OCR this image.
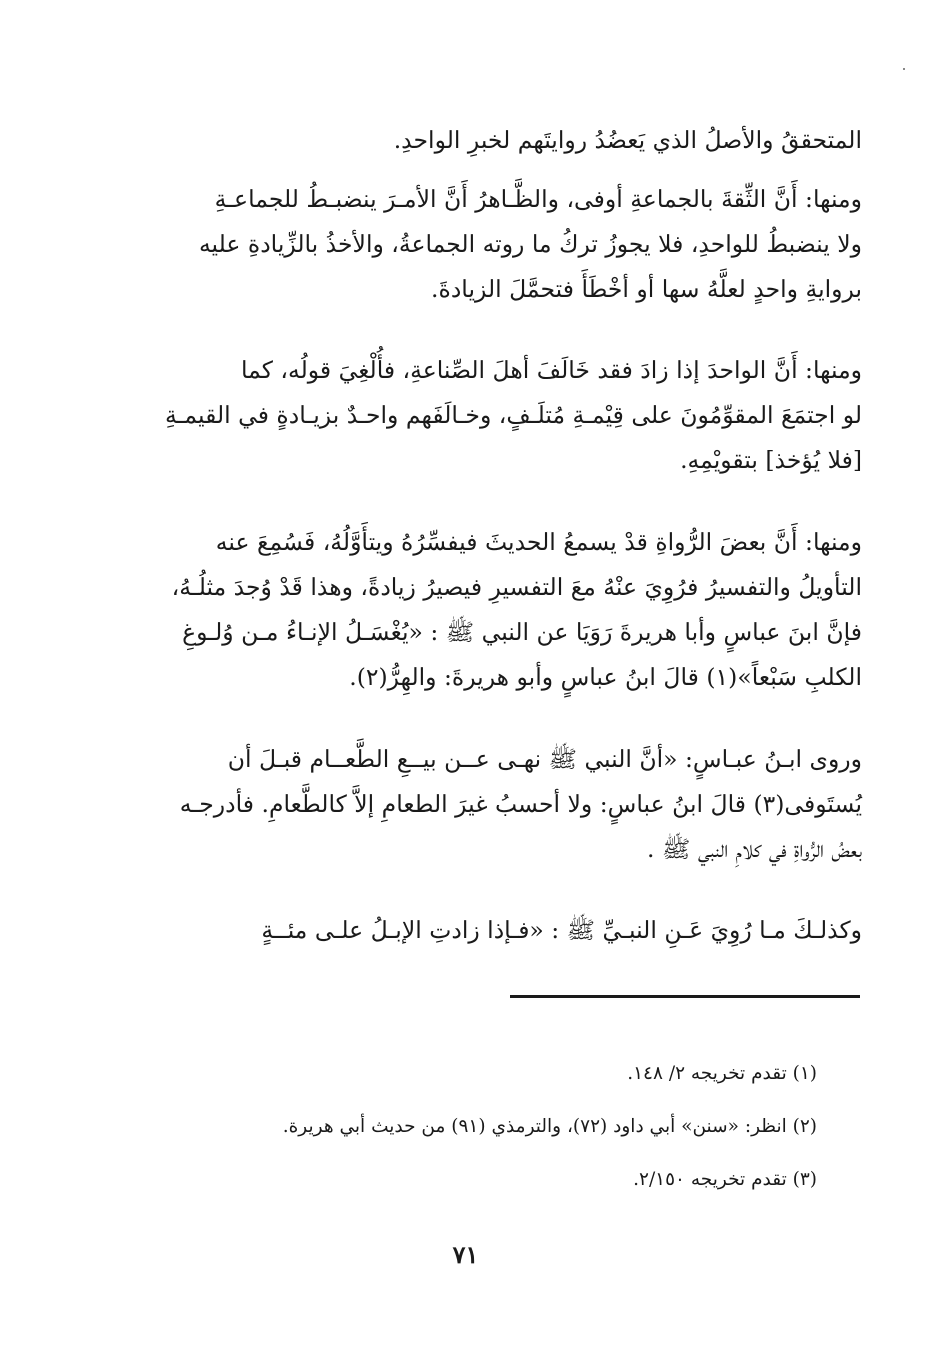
المتحققُ والأصلُ الذي يَعضُدُ روايتَهم لخبرِ الواحدِ.
ومنها: أَنَّ الثِّقةَ بالجماعةِ أوفى، والظَّـاهرُ أَنَّ الأمـرَ ينضبـطُ للجماعـةِ
ولا ينضبطُ للواحدِ، فلا يجوزُ تركُ ما روته الجماعةُ، والأخذُ بالزِّيادةِ عليه
بروايةِ واحدٍ لعلَّهُ سها أو أخْطَأَ فتحمَّلَ الزيادةَ.
ومنها: أَنَّ الواحدَ إذا زادَ فقد خَالَفَ أهلَ الصِّناعةِ، فأُلْغِيَ قولُه، كما
لو اجتمَعَ المقوِّمُونَ على قِيْمـةِ مُتلَـفٍ، وخـالَفَهم واحـدٌ بزيـادةٍ في القيمـةِ
[فلا يُؤخذ] بتقويْمِهِ.
ومنها: أَنَّ بعضَ الرُّواةِ قدْ يسمعُ الحديثَ فيفسِّرُهُ ويتأَوَّلُهُ، فَسُمِعَ عنه
التأويلُ والتفسيرُ فرُوِيَ عنْهُ معَ التفسيرِ فيصيرُ زيادةً، وهذا قَدْ وُجدَ مثلُـهُ،
فإنَّ ابنَ عباسٍ وأبا هريرةَ رَوَيَا عن النبي ﷺ : «يُغْسَـلُ الإنـاءُ مـن وُلـوغِ
الكلبِ سَبْعاً»(١) قالَ ابنُ عباسٍ وأبو هريرةَ: والهِرُّ(٢).
وروى ابـنُ عبـاسٍ: «أنَّ النبي ﷺ نهـى عــن بيــعِ الطَّعــام قبـلَ أن
يُستَوفى(٣) قالَ ابنُ عباسٍ: ولا أحسبُ غيرَ الطعامِ إلاَّ كالطَّعامِ. فأدرجـه
بعضُ الرُّواةِ في كلامِ النبي ﷺ .
وكذلـكَ مـا رُوِيَ عَـنِ النبـيِّ ﷺ : «فـإذا زادتِ الإبـلُ علـى مئــةٍ
(١) تقدم تخريجه ٢/ ١٤٨.
(٢) انظر: «سنن» أبي داود (٧٢)، والترمذي (٩١) من حديث أبي هريرة.
(٣) تقدم تخريجه ٢/١٥٠.
٧١
